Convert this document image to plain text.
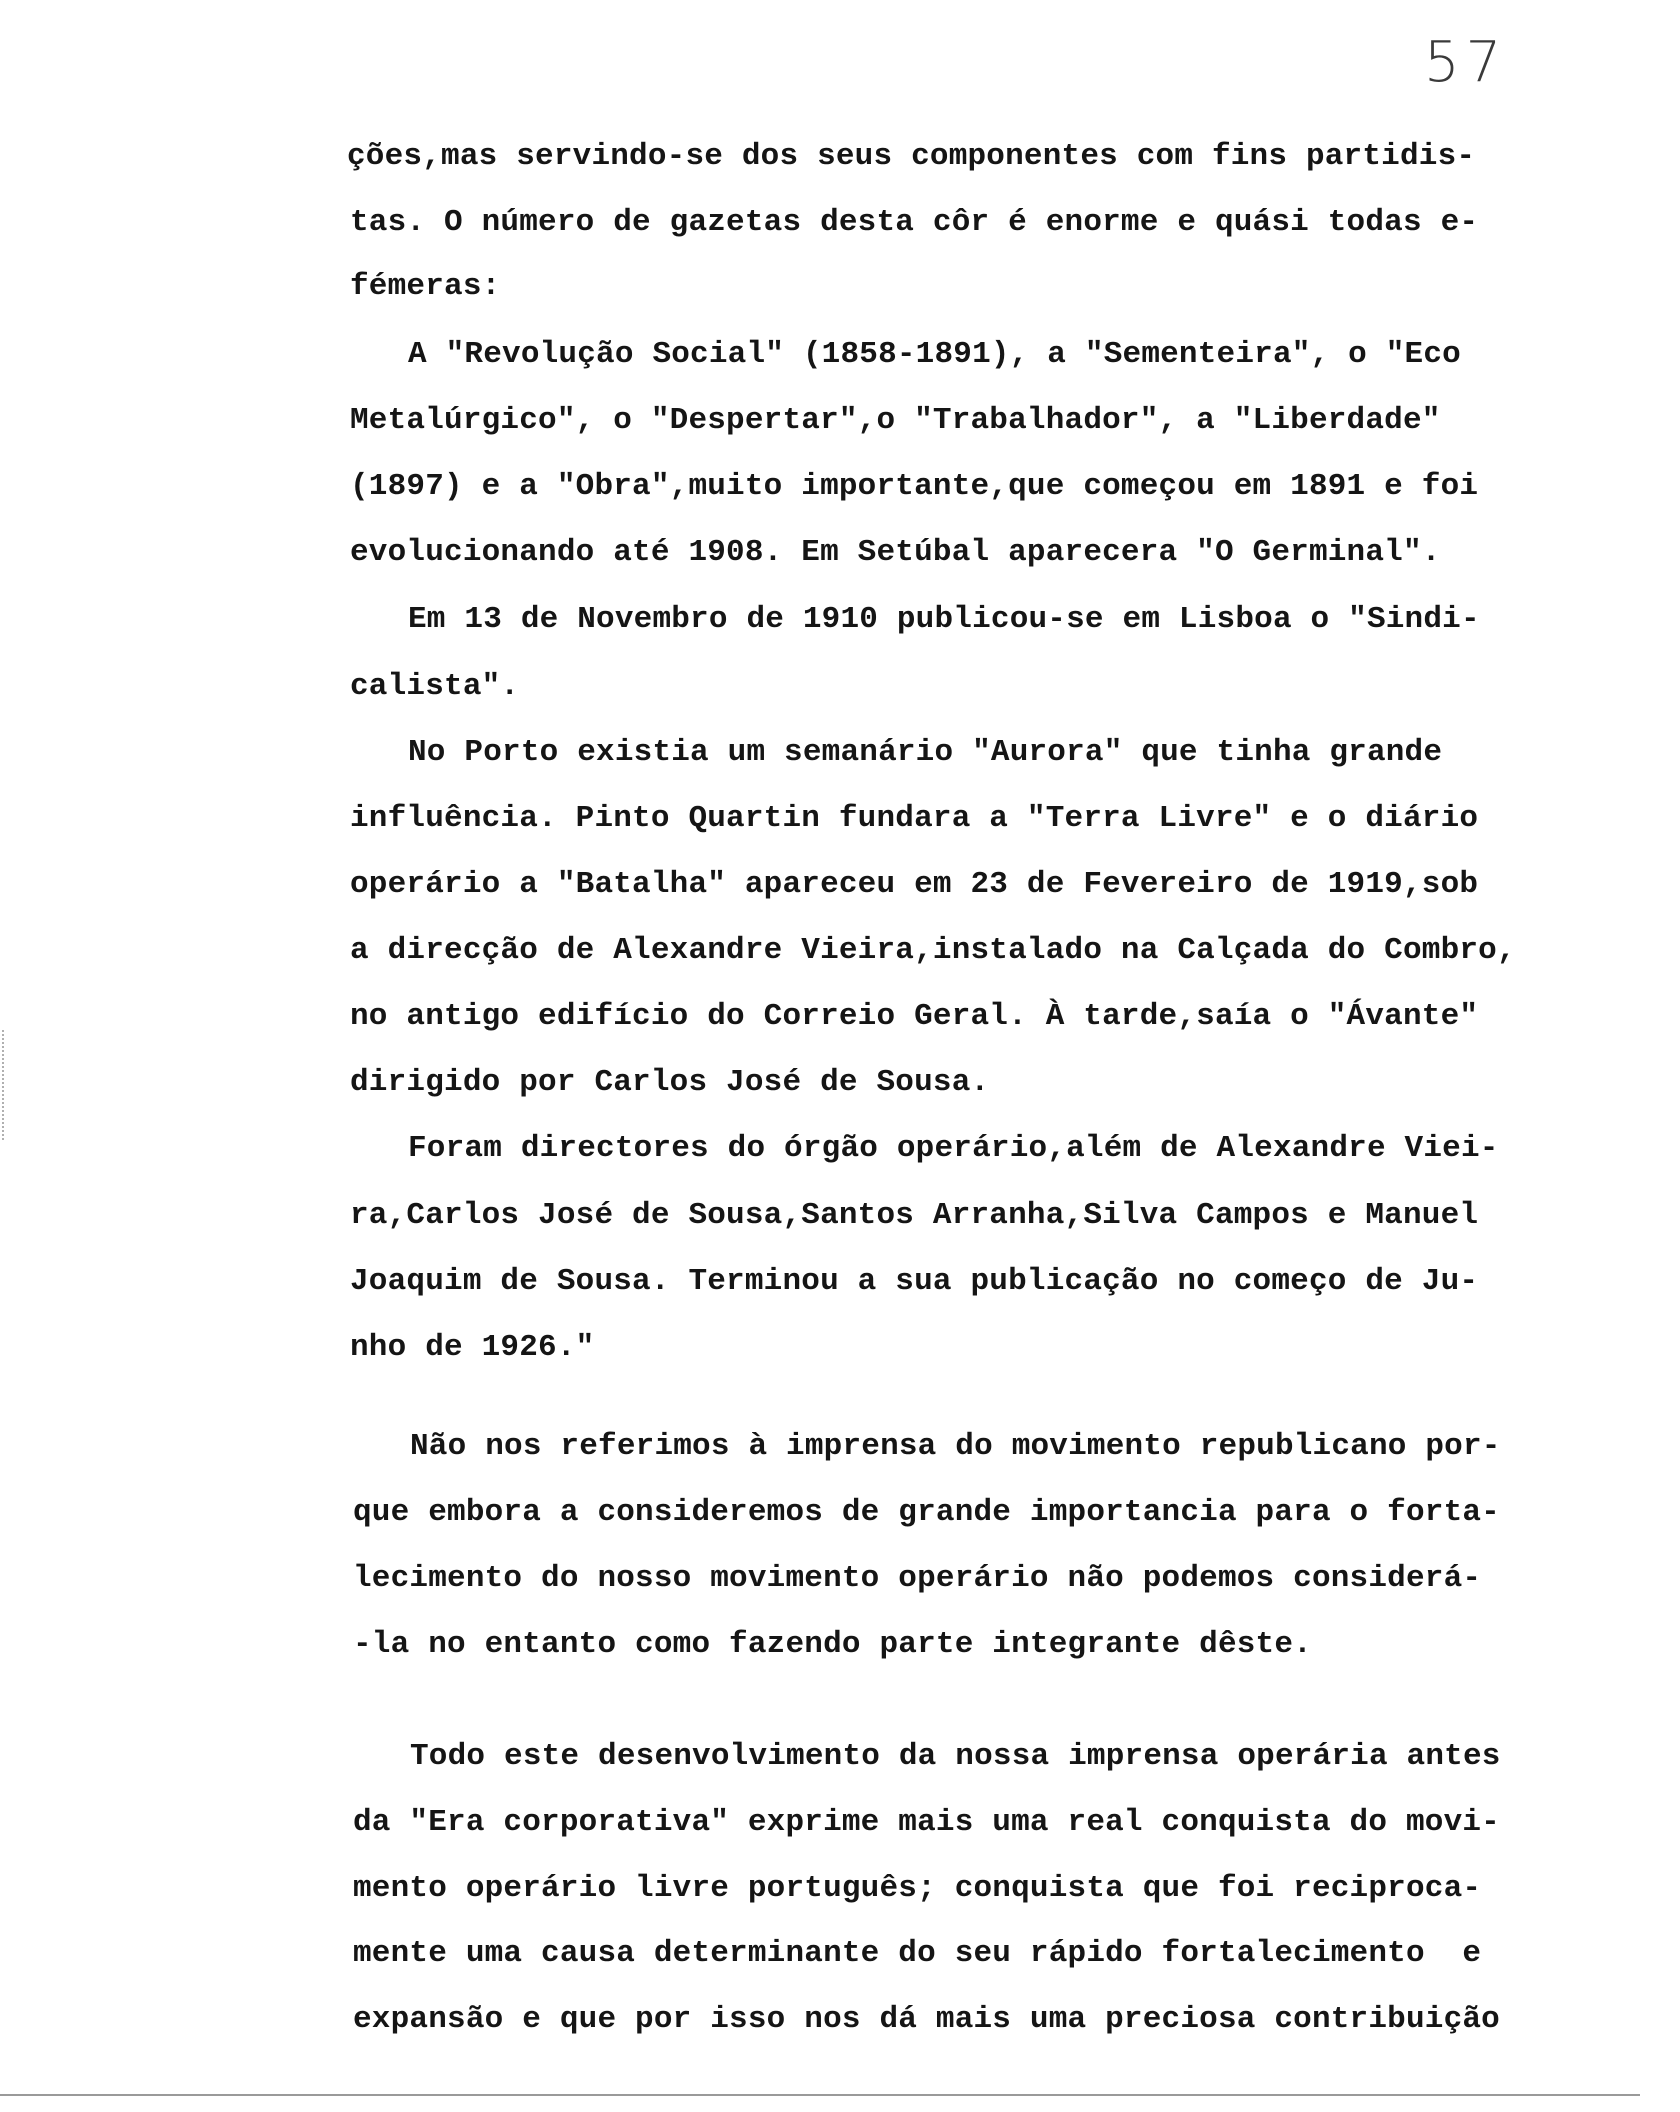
57
ções,mas servindo-se dos seus componentes com fins partidis-
tas. O número de gazetas desta côr é enorme e quási todas e-
fémeras:
A "Revolução Social" (1858-1891), a "Sementeira", o "Eco
Metalúrgico", o "Despertar",o "Trabalhador", a "Liberdade"
(1897) e a "Obra",muito importante,que começou em 1891 e foi
evolucionando até 1908. Em Setúbal aparecera "O Germinal".
Em 13 de Novembro de 1910 publicou-se em Lisboa o "Sindi-
calista".
No Porto existia um semanário "Aurora" que tinha grande
influência. Pinto Quartin fundara a "Terra Livre" e o diário
operário a "Batalha" apareceu em 23 de Fevereiro de 1919,sob
a direcção de Alexandre Vieira,instalado na Calçada do Combro,
no antigo edifício do Correio Geral. À tarde,saía o "Ávante"
dirigido por Carlos José de Sousa.
Foram directores do órgão operário,além de Alexandre Viei-
ra,Carlos José de Sousa,Santos Arranha,Silva Campos e Manuel
Joaquim de Sousa. Terminou a sua publicação no começo de Ju-
nho de 1926."
Não nos referimos à imprensa do movimento republicano por-
que embora a consideremos de grande importancia para o forta-
lecimento do nosso movimento operário não podemos considerá-
-la no entanto como fazendo parte integrante dêste.
Todo este desenvolvimento da nossa imprensa operária antes
da "Era corporativa" exprime mais uma real conquista do movi-
mento operário livre português; conquista que foi reciproca-
mente uma causa determinante do seu rápido fortalecimento  e
expansão e que por isso nos dá mais uma preciosa contribuição
